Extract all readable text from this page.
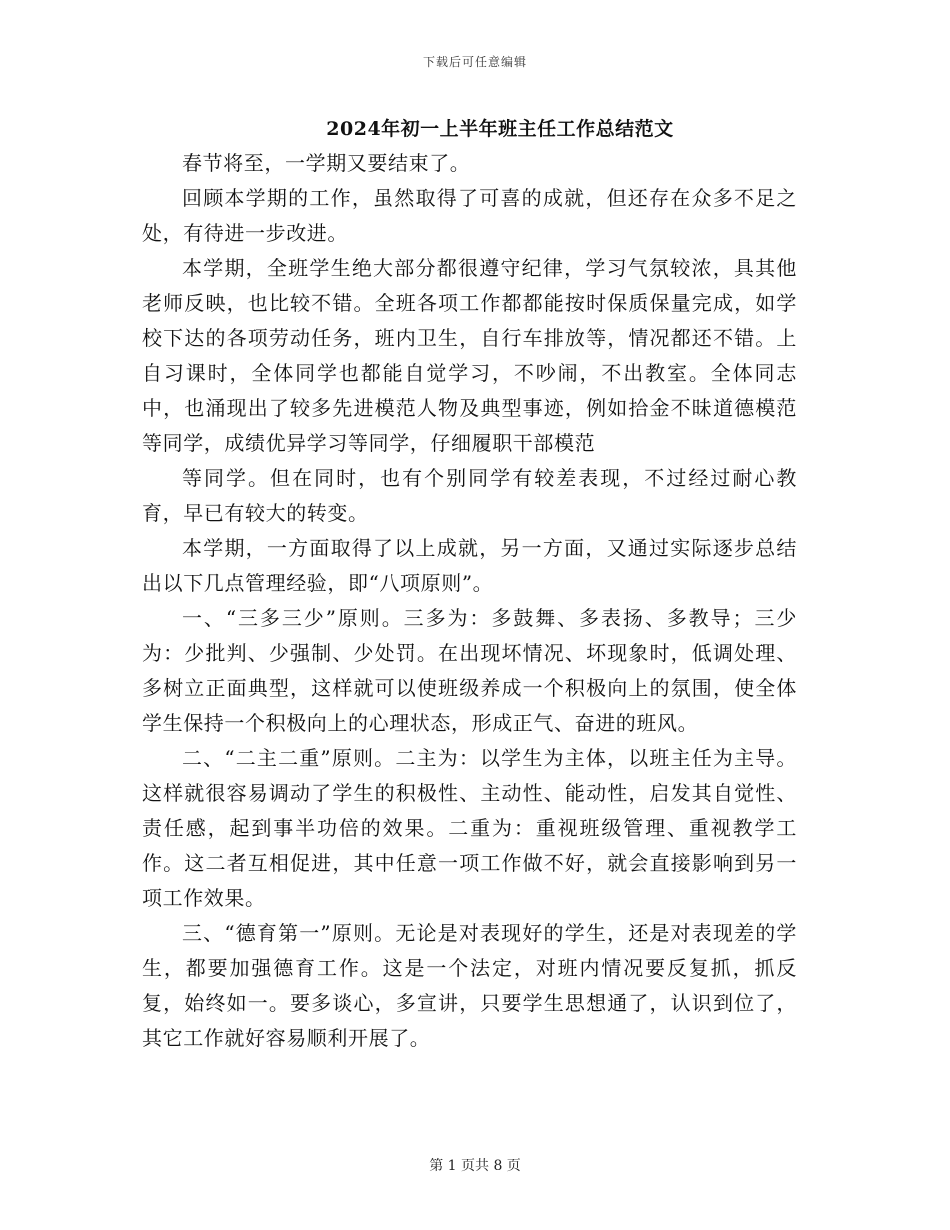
下载后可任意编辑
2024年初一上半年班主任工作总结范文

春节将至，一学期又要结束了。

回顾本学期的工作，虽然取得了可喜的成就，但还存在众多不足之处，有待进一步改进。

本学期，全班学生绝大部分都很遵守纪律，学习气氛较浓，具其他老师反映，也比较不错。全班各项工作都都能按时保质保量完成，如学校下达的各项劳动任务，班内卫生，自行车排放等，情况都还不错。上自习课时，全体同学也都能自觉学习，不吵闹，不出教室。全体同志中，也涌现出了较多先进模范人物及典型事迹，例如拾金不昧道德模范等同学，成绩优异学习等同学，仔细履职干部模范

等同学。但在同时，也有个别同学有较差表现，不过经过耐心教育，早已有较大的转变。

本学期，一方面取得了以上成就，另一方面，又通过实际逐步总结出以下几点管理经验，即“八项原则”。

一、“三多三少”原则。三多为：多鼓舞、多表扬、多教导；三少为：少批判、少强制、少处罚。在出现坏情况、坏现象时，低调处理、多树立正面典型，这样就可以使班级养成一个积极向上的氛围，使全体学生保持一个积极向上的心理状态，形成正气、奋进的班风。

二、“二主二重”原则。二主为：以学生为主体，以班主任为主导。这样就很容易调动了学生的积极性、主动性、能动性，启发其自觉性、责任感，起到事半功倍的效果。二重为：重视班级管理、重视教学工作。这二者互相促进，其中任意一项工作做不好，就会直接影响到另一项工作效果。

三、“德育第一”原则。无论是对表现好的学生，还是对表现差的学生，都要加强德育工作。这是一个法定，对班内情况要反复抓，抓反复，始终如一。要多谈心，多宣讲，只要学生思想通了，认识到位了，其它工作就好容易顺利开展了。

第 1 页共 8 页
